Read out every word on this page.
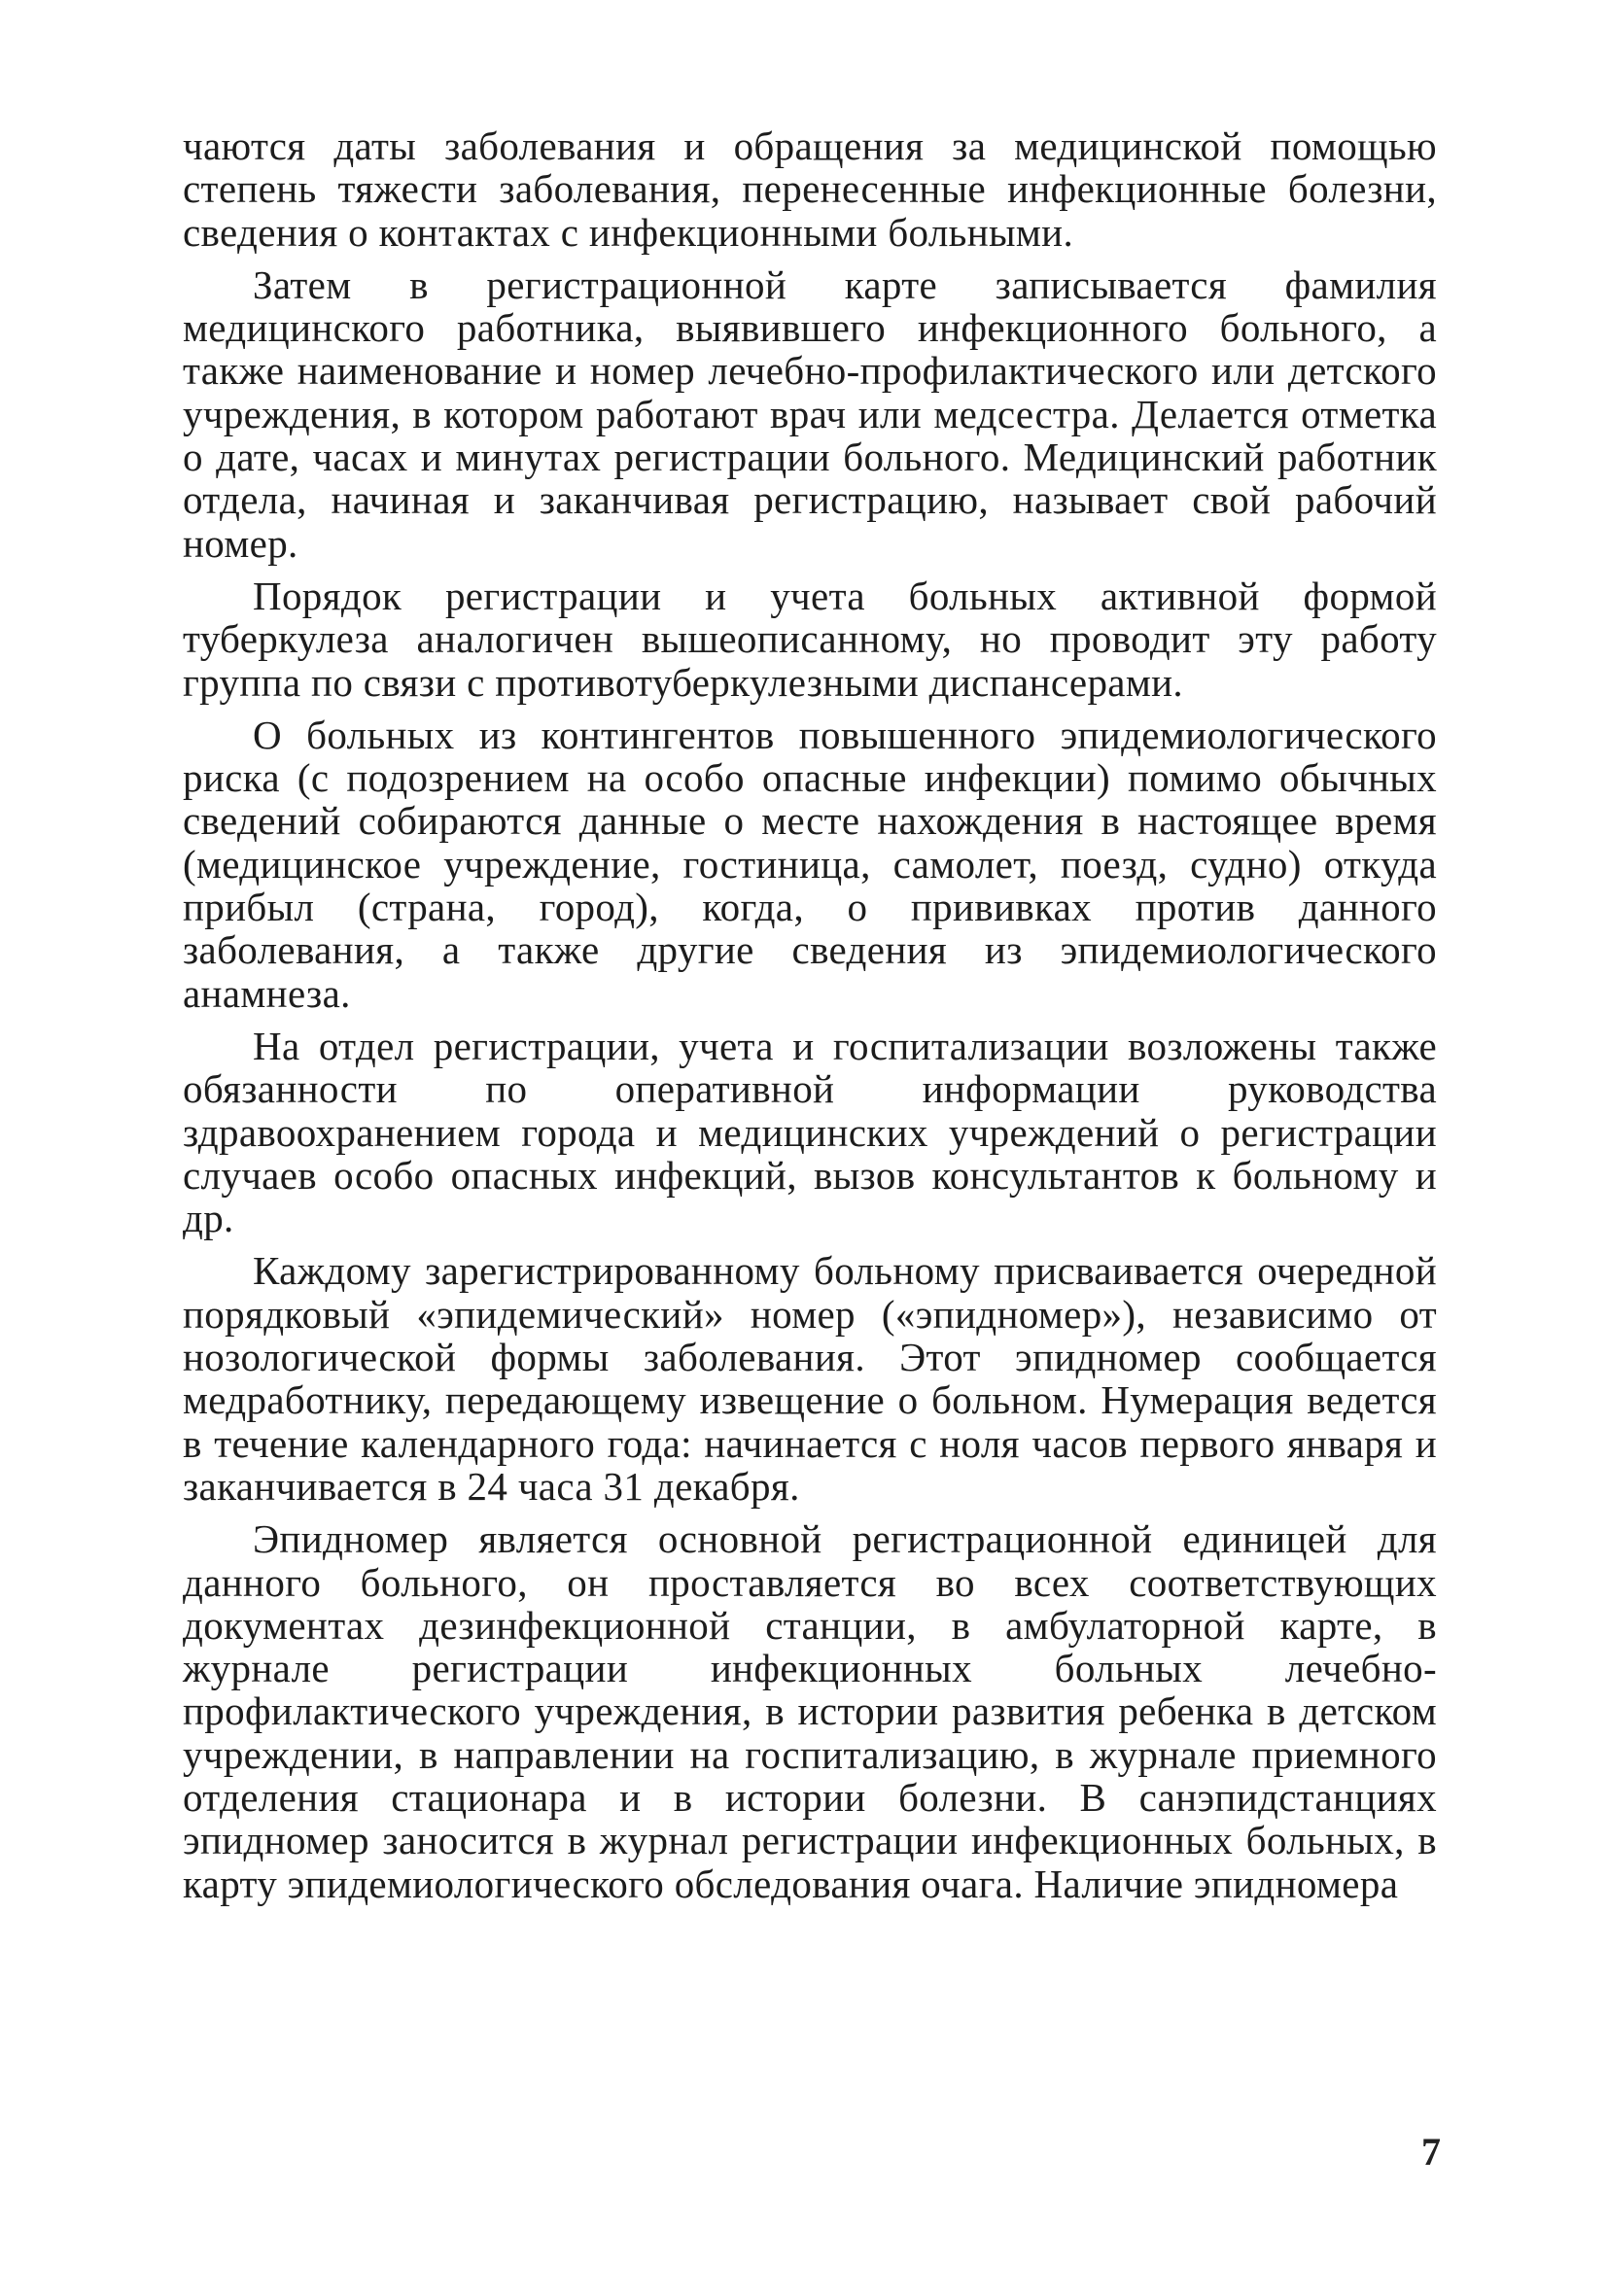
чаются даты заболевания и обращения за медицинской помощью степень тяжести заболевания, перенесенные инфекционные болезни, сведения о контактах с инфекционными больными.

Затем в регистрационной карте записывается фамилия медицинского работника, выявившего инфекционного больного, а также наименование и номер лечебно-профилактического или детского учреждения, в котором работают врач или медсестра. Делается отметка о дате, часах и минутах регистрации больного. Медицинский работник отдела, начиная и заканчивая регистрацию, называет свой рабочий номер.

Порядок регистрации и учета больных активной формой туберкулеза аналогичен вышеописанному, но проводит эту работу группа по связи с противотуберкулезными диспансерами.

О больных из контингентов повышенного эпидемиологического риска (с подозрением на особо опасные инфекции) помимо обычных сведений собираются данные о месте нахождения в настоящее время (медицинское учреждение, гостиница, самолет, поезд, судно) откуда прибыл (страна, город), когда, о прививках против данного заболевания, а также другие сведения из эпидемиологического анамнеза.

На отдел регистрации, учета и госпитализации возложены также обязанности по оперативной информации руководства здравоохранением города и медицинских учреждений о регистрации случаев особо опасных инфекций, вызов консультантов к больному и др.

Каждому зарегистрированному больному присваивается очередной порядковый «эпидемический» номер («эпидномер»), независимо от нозологической формы заболевания. Этот эпидномер сообщается медработнику, передающему извещение о больном. Нумерация ведется в течение календарного года: начинается с ноля часов первого января и заканчивается в 24 часа 31 декабря.

Эпидномер является основной регистрационной единицей для данного больного, он проставляется во всех соответствующих документах дезинфекционной станции, в амбулаторной карте, в журнале регистрации инфекционных больных лечебно-профилактического учреждения, в истории развития ребенка в детском учреждении, в направлении на госпитализацию, в журнале приемного отделения стационара и в истории болезни. В санэпидстанциях эпидномер заносится в журнал регистрации инфекционных больных, в карту эпидемиологического обследования очага. Наличие эпидномера

7
